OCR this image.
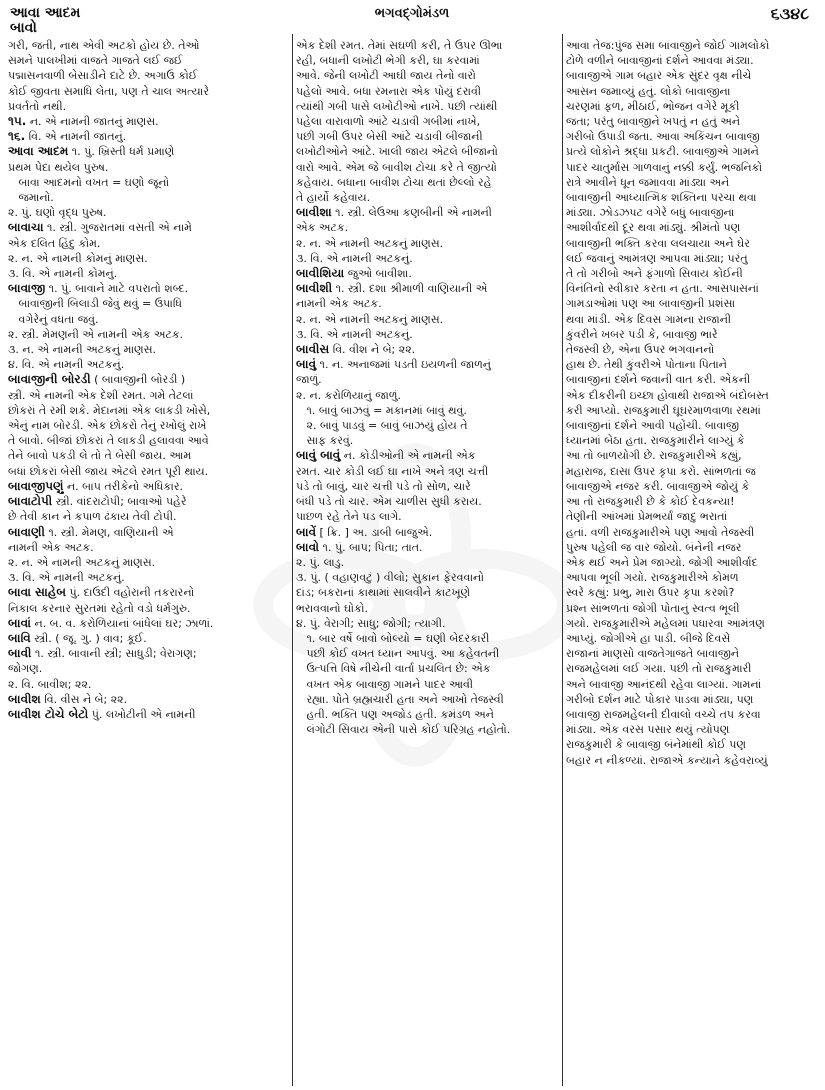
આવા આદમ
બાવો
ભગવદ્ગોમંડળ	૬૩૪૮
ગરી, જતી, નાથ એવી અટકો હોય છે. તેઓ
સમને પાલખીમાં વાજતે ગાજતે લઈ જઈ
પદ્માસનવાળી બેસાડીને દાટે છે. અગાઉ કોઈ
કોઈ જીવતા સમાધિ લેતા, પણ તે ચાલ અત્યારે
પ્રવર્તતો નથી.
૧૫. ન. એ નામની જાતનું માણસ.
૧૬. વિ. એ નામની જાતનું.
આવા આદમ ૧. પું. ખ્રિસ્તી ધર્મ પ્રમાણે
પ્રથમ પેદા થયેલ પુરુષ.
બાવા આદમનો વખત = ઘણો જૂનો
જમાનો.
૨. પું. ઘણો વૃદ્ધ પુરુષ.
બાવાચા ૧. સ્ત્રી. ગુજરાતમાં વસતી એ નામે
એક દલિત હિંદુ કોમ.
૨. ન. એ નામની કોમનું માણસ.
૩. વિ. એ નામની કોમનું.
બાવાજી ૧. પું. બાવાને માટે વપરાતો શબ્દ.
બાવાજીની બિલાડી જેવું થવું = ઉપાધિ
વગેરેનું વધતા જવું.
૨. સ્ત્રી. મેમણની એ નામની એક અટક.
૩. ન. એ નામની અટકનું માણસ.
૪. વિ. એ નામની અટકનું.
બાવાજીની બોરડી ( બાવાજીની બોરડી )
સ્ત્રી. એ નામની એક દેશી રમત. ગમે તેટલાં
છોકરાં તે રમી શકે. મેદાનમાં એક લાકડી ખોસે,
એનું નામ બોરડી. એક છોકરો તેનું રખોલું રાખે
તે બાવો. બીજાં છોકરાં તે લાકડી હલાવવા આવે
તેને બાવો પકડી લે તો તે બેસી જાય. આમ
બધાં છોકરાં બેસી જાય એટલે રમત પૂરી થાય.
બાવાજીપણું ન. બાપ તરીકેનો અધિકાર.
બાવાટોપી સ્ત્રી. વાંદરાટોપી; બાવાઓ પહેરે
છે તેવી કાન ને કપાળ ઢંકાય તેવી ટોપી.
બાવાણી ૧. સ્ત્રી. મેમણ, વાણિયાની એ
નામની એક અટક.
૨. ન. એ નામની અટકનું માણસ.
૩. વિ. એ નામની અટકનું.
બાવા સાહેબ પું. દાઉદી વહોરાની તકરારનો
નિકાલ કરનાર સુરતમાં રહેતો વડો ધર્મગુરુ.
બાવાં ન. બ. વ. કરોળિયાનાં બાંધેલાં ઘર; ઝાળાં.
બાવિ સ્ત્રી. ( જૂ. ગુ. ) વાવ; કૂઈ.
બાવી ૧. સ્ત્રી. બાવાની સ્ત્રી; સાધુડી; વેરાગણ;
જોગણ.
૨. વિ. બાવીશ; ૨૨.
બાવીશ વિ. વીસ ને બે; ૨૨.
બાવીશ ટોચે બેટો પું. લખોટીની એ નામની
એક દેશી રમત. તેમાં સઘળી કરી, તે ઉપર ઊભા
રહી, બધાની લખોટી ભેગી કરી, ઘા કરવામાં
આવે. જેની લખોટી આઘી જાય તેનો વારો
પહેલો આવે. બધા રમનારા એક પોયું દરાવી
ત્યાંથી ગબી પાસે લખોટીઓ નાખે. પછી ત્યાંથી
પહેલા વારાવાળો આંટે ચડાવી ગબીમાં નાખે,
પછી ગબી ઉપર બેસી આંટે ચડાવી બીજાની
લખોટીઓને આંટે. ખાલી જાય એટલે બીજાનો
વારો આવે. એમ જે બાવીશ ટોચા કરે તે જીત્યો
કહેવાય. બધાના બાવીશ ટોચા થતાં છેલ્લો રહે
તે હાર્યો કહેવાય.
બાવીશા ૧. સ્ત્રી. લેઉઆ કણબીની એ નામની
એક અટક.
૨. ન. એ નામની અટકનું માણસ.
૩. વિ. એ નામની અટકનું.
બાવીશિયા જુઓ બાવીશા.
બાવીશી ૧. સ્ત્રી. દશા શ્રીમાળી વાણિયાની એ
નામની એક અટક.
૨. ન. એ નામની અટકનું માણસ.
૩. વિ. એ નામની અટકનું.
બાવીસ વિ. વીશ ને બે; ૨૨.
બાવું ૧. ન. અનાજમાં પડતી ઇયળની જાળનું
જાળું.
૨. ન. કરોળિયાનું જાળું.
૧. બાવું બાઝવું = મકાનમાં બાવું થવું.
૨. બાવું પાડવું = બાવું બાઝયું હોય તે
સાફ કરવું.
બાવું બાવું ન. કોડીઓની એ નામની એક
રમત. ચાર કોડી લઈ ઘા નાખે અને ત્રણ ચત્તી
પડે તો બાવું, ચાર ચત્તી પડે તો સોળ, ચારે
બંધી પડે તો ચાર. એમ ચાળીસ સુધી કરાય.
પાછળ રહે તેને પડ લાગે.
બાવેં [ ક્રિ. ] અ. ડાબી બાજુએ.
બાવો ૧. પું. બાપ; પિતા; તાત.
૨. પું. લાડુ.
૩. પું. ( વહાણવટું ) વીલો; સુકાન ફેરવવાનો
દાંડ; બકરાનાં કાથામાં સાલવીને કાટખૂણે
ભરાવવાનો ઘોકો.
૪. પું. વેરાગી; સાધુ; જોગી; ત્યાગી.
૧. બાર વર્ષે બાવો બોલ્યો = ઘણી બેદરકારી
પછી કોઈ વખત ધ્યાન આપવું. આ કહેવતની
ઉત્પત્તિ વિષે નીચેની વાર્તા પ્રચલિત છે: એક
વખત એક બાવાજી ગામને પાદર આવી
રહ્યા. પોતે બ્રહ્મચારી હતા અને આખો તેજસ્વી
હતી. ભક્તિ પણ અજોડ હતી. કમંડળ અને
લંગોટી સિવાય એની પાસે કોઈ પરિગ્રહ નહોતો.
આવા તેજ:પુંજ સમા બાવાજીને જોઈ ગામલોકો
ટોળે વળીને બાવાજીનાં દર્શને આવવા મંડ્યા.
બાવાજીએ ગામ બહાર એક સુંદર વૃક્ષ નીચે
આસન જમાવ્યું હતું. લોકો બાવાજીના
ચરણમાં ફળ, મીઠાઈ, ભોજન વગેરે મૂકી
જતા; પરંતુ બાવાજીને ખપતું ન હતું અને
ગરીબો ઉપાડી જતા. આવા અકિંચન બાવાજી
પ્રત્યે લોકોને શ્રદ્ધા પ્રકટી. બાવાજીએ ગામને
પાદર ચાતુર્માસ ગાળવાનું નક્કી કર્યું. ભજનિકો
રાત્રે આવીને ધૂન જમાવવા માંડ્યા અને
બાવાજીની આધ્યાત્મિક શક્તિના પરચા થવા
માંડ્યા. ઝોડઝપટ વગેરે બધું બાવાજીના
આશીર્વાદથી દૂર થવા માંડ્યું. શ્રીમંતો પણ
બાવાજીની ભક્તિ કરવા લલચાયા અને ઘેર
લઈ જવાનું આમંત્રણ આપવા માંડ્યા; પરંતુ
તે તો ગરીબો અને ફંગાળો સિવાય કોઈની
વિનંતિનો સ્વીકાર કરતા ન હતા. આસપાસનાં
ગામડાઓમાં પણ આ બાવાજીની પ્રશંસા
થવા માંડી. એક દિવસ ગામના રાજાની
કુંવરીને ખબર પડી કે, બાવાજી ભારે
તેજસ્વી છે, એના ઉપર ભગવાનનો
હાથ છે. તેથી કુંવરીએ પોતાના પિતાને
બાવાજીનાં દર્શને જવાની વાત કરી. એકની
એક દીકરીની ઇચ્છા હોવાથી રાજાએ બંદોબસ્ત
કરી આપ્યો. રાજકુમારી ઘૂઘરમાળવાળા રથમાં
બાવાજીનાં દર્શને આવી પહોંચી. બાવાજી
ધ્યાનમાં બેઠા હતા. રાજકુમારીને લાગ્યું કે
આ તો બાળયોગી છે. રાજકુમારીએ કહ્યું,
મહારાજ, દાસા ઉપર કૃપા કરો. સાંભળતાં જ
બાવાજીએ નજર કરી. બાવાજીએ જોયું કે
આ તો રાજકુમારી છે કે કોઈ દેવકન્યા!
તેણીની આંખમાં પ્રેમભર્યાં જાદુ ભરાતાં
હતાં. વળી રાજકુમારીએ પણ આવો તેજસ્વી
પુરુષ પહેલી જ વાર જોયો. બંનેની નજર
એક થઈ અને પ્રેમ જાગ્યો. જોગી આશીર્વાદ
આપવા ભૂલી ગયો. રાજકુમારીએ કોમળ
સ્વરે કહ્યું: પ્રભુ, મારા ઉપર કૃપા કરશો?
પ્રશ્ન સાંભળતાં જોગી પોતાનું સ્વત્વ ભૂલી
ગયો. રાજકુમારીએ મહેલમાં પધારવા આમંત્રણ
આપ્યું. જોગીએ હા પાડી. બીજે દિવસે
રાજાનાં માણસો વાજતેગાજતે બાવાજીને
રાજમહેલમાં લઈ ગયા. પછી તો રાજકુમારી
અને બાવાજી આનંદથી રહેવા લાગ્યાં. ગામનાં
ગરીબો દર્શન માટે પોકાર પાડવા માંડ્યા, પણ
બાવાજી રાજમહેલની દીવાલો વચ્ચે તપ કરવા
માંડ્યા. એક વરસ પસાર થયું ત્યોપણ
રાજકુમારી કે બાવાજી બંનેમાંથી કોઈ પણ
બહાર ન નીકળ્યાં. રાજાએ કન્યાને કહેવરાવ્યું
